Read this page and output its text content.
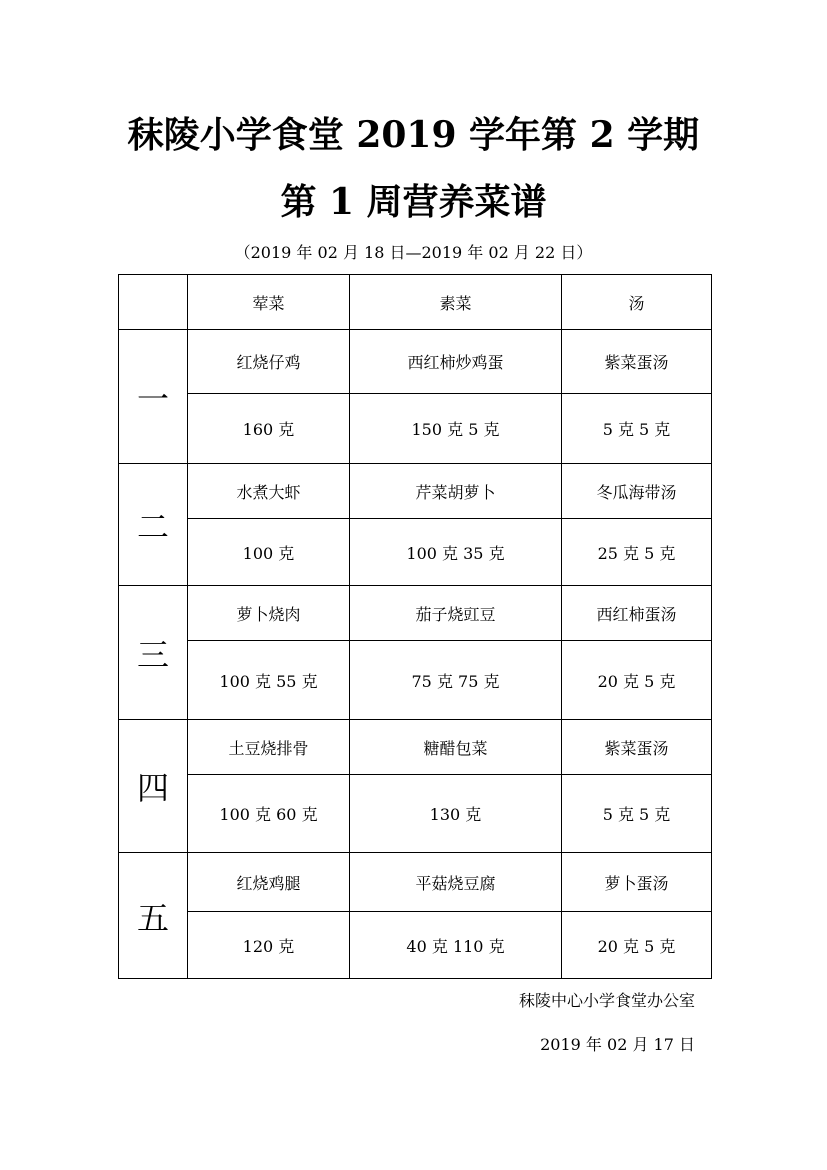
秣陵小学食堂 2019 学年第 2 学期
第 1 周营养菜谱
（2019 年 02 月 18 日—2019 年 02 月 22 日）
	荤菜	素菜	汤
一	红烧仔鸡	西红柿炒鸡蛋	紫菜蛋汤
	160 克	150 克 5 克	5 克 5 克
二	水煮大虾	芹菜胡萝卜	冬瓜海带汤
	100 克	100 克 35 克	25 克 5 克
三	萝卜烧肉	茄子烧豇豆	西红柿蛋汤
	100 克 55 克	75 克 75 克	20 克 5 克
四	土豆烧排骨	糖醋包菜	紫菜蛋汤
	100 克 60 克	130 克	5 克 5 克
五	红烧鸡腿	平菇烧豆腐	萝卜蛋汤
	120 克	40 克 110 克	20 克 5 克
秣陵中心小学食堂办公室
2019 年 02 月 17 日
